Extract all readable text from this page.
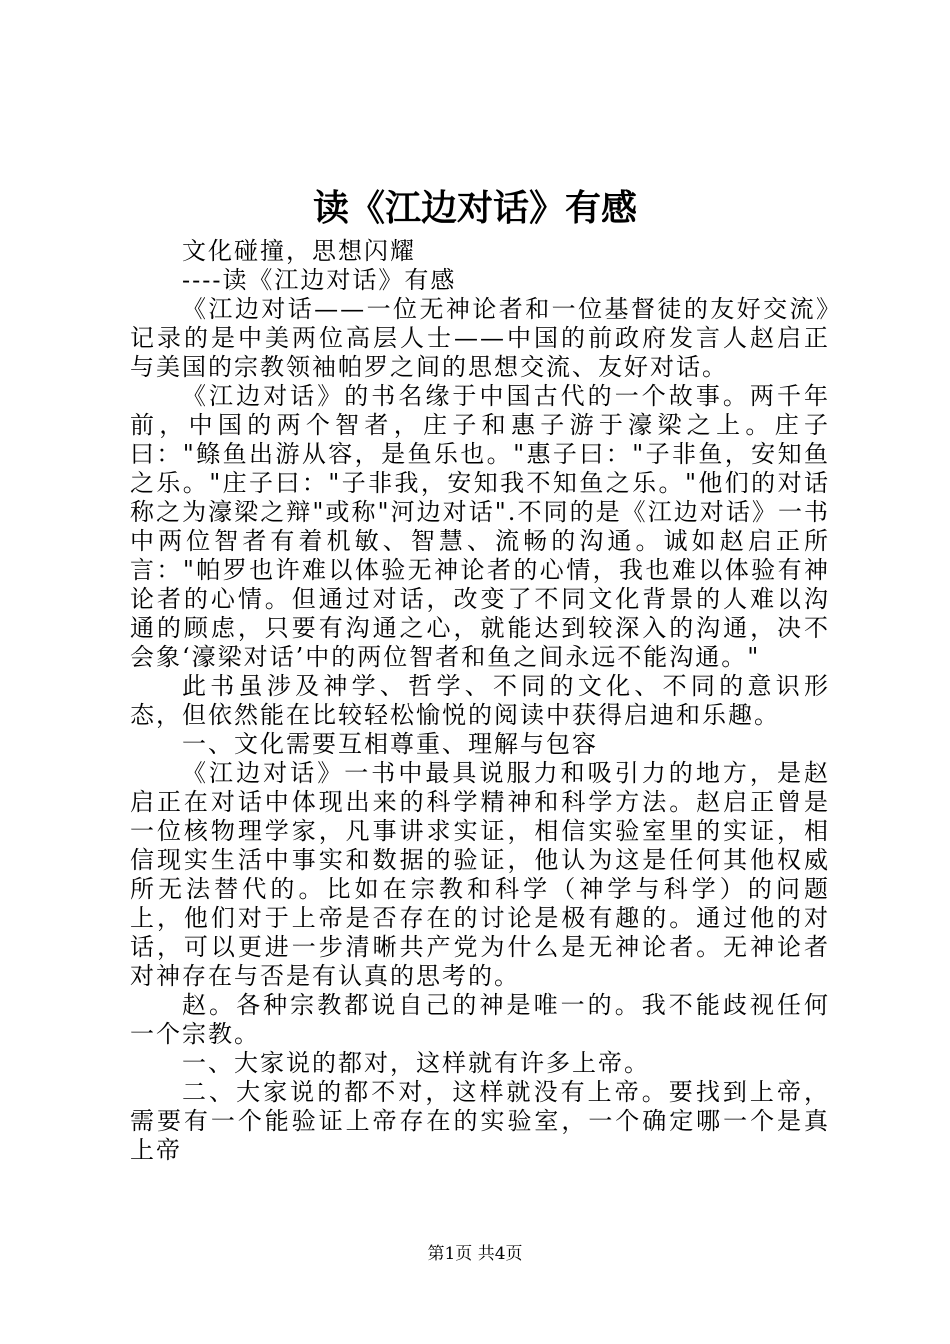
读《江边对话》有感

文化碰撞，思想闪耀

----读《江边对话》有感

《江边对话——一位无神论者和一位基督徒的友好交流》记录的是中美两位高层人士——中国的前政府发言人赵启正与美国的宗教领袖帕罗之间的思想交流、友好对话。

《江边对话》的书名缘于中国古代的一个故事。两千年前，中国的两个智者，庄子和惠子游于濠梁之上。庄子曰："鲦鱼出游从容，是鱼乐也。"惠子曰："子非鱼，安知鱼之乐。"庄子曰："子非我，安知我不知鱼之乐。"他们的对话称之为濠梁之辩"或称"河边对话".不同的是《江边对话》一书中两位智者有着机敏、智慧、流畅的沟通。诚如赵启正所言："帕罗也许难以体验无神论者的心情，我也难以体验有神论者的心情。但通过对话，改变了不同文化背景的人难以沟通的顾虑，只要有沟通之心，就能达到较深入的沟通，决不会象‘濠梁对话’中的两位智者和鱼之间永远不能沟通。"

此书虽涉及神学、哲学、不同的文化、不同的意识形态，但依然能在比较轻松愉悦的阅读中获得启迪和乐趣。

一、文化需要互相尊重、理解与包容

《江边对话》一书中最具说服力和吸引力的地方，是赵启正在对话中体现出来的科学精神和科学方法。赵启正曾是一位核物理学家，凡事讲求实证，相信实验室里的实证，相信现实生活中事实和数据的验证，他认为这是任何其他权威所无法替代的。比如在宗教和科学（神学与科学）的问题上，他们对于上帝是否存在的讨论是极有趣的。通过他的对话，可以更进一步清晰共产党为什么是无神论者。无神论者对神存在与否是有认真的思考的。

赵。各种宗教都说自己的神是唯一的。我不能歧视任何一个宗教。

一、大家说的都对，这样就有许多上帝。

二、大家说的都不对，这样就没有上帝。要找到上帝，需要有一个能验证上帝存在的实验室，一个确定哪一个是真上帝

第1页 共4页
